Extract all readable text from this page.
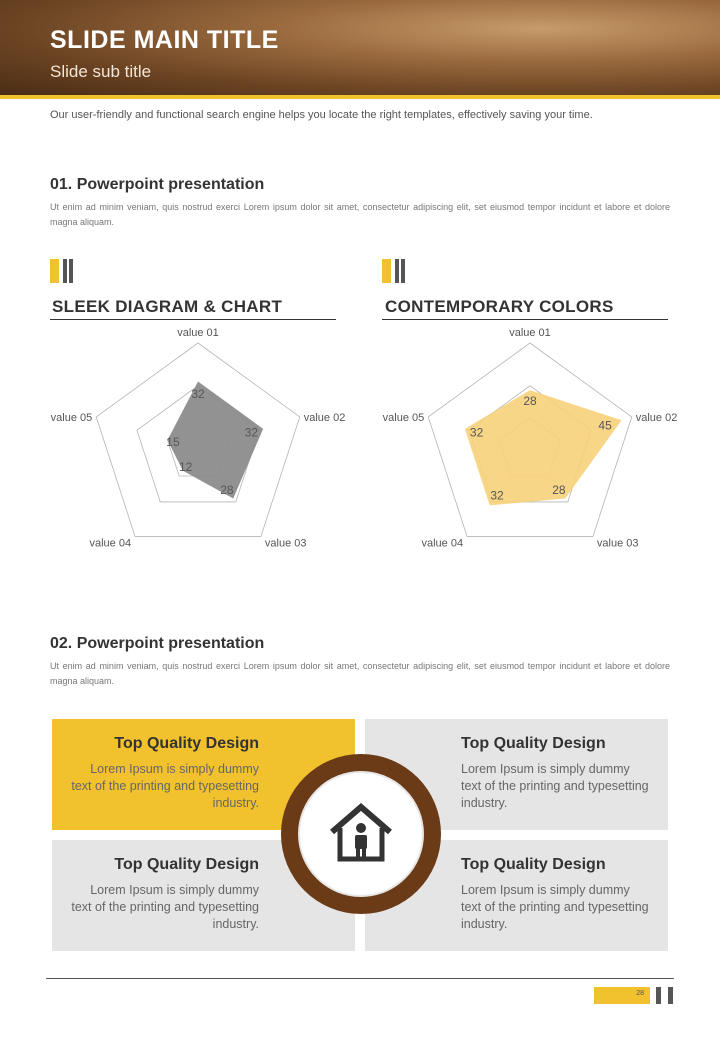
SLIDE MAIN TITLE
Slide sub title
Our user-friendly and functional search engine helps you locate the right templates, effectively saving your time.
01. Powerpoint presentation
Ut enim ad minim veniam, quis nostrud exerci Lorem ipsum dolor sit amet, consectetur adipiscing elit, set eiusmod tempor incidunt et labore et dolore magna aliquam.
SLEEK DIAGRAM & CHART	CONTEMPORARY COLORS
value 01
value 02
value 03
value 04
value 05
32
32
28
12
15
value 01
value 02
value 03
value 04
value 05
28
45
28
32
32
02. Powerpoint presentation
Ut enim ad minim veniam, quis nostrud exerci Lorem ipsum dolor sit amet, consectetur adipiscing elit, set eiusmod tempor incidunt et labore et dolore magna aliquam.
Top Quality Design
Lorem Ipsum is simply dummy text of the printing and typesetting industry.
Top Quality Design
Lorem Ipsum is simply dummy text of the printing and typesetting industry.
Top Quality Design
Lorem Ipsum is simply dummy text of the printing and typesetting industry.
Top Quality Design
Lorem Ipsum is simply dummy text of the printing and typesetting industry.
28
